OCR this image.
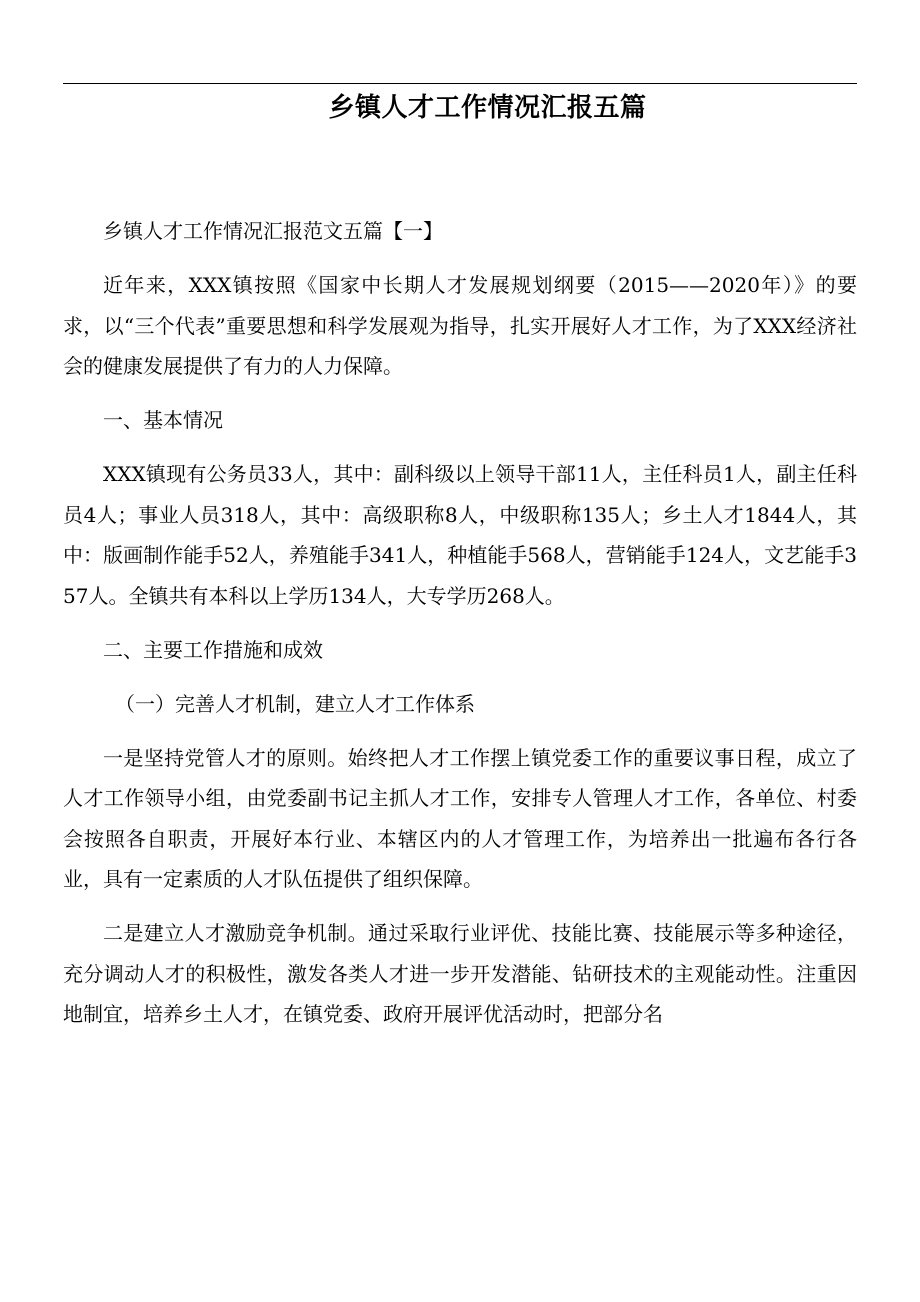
乡镇人才工作情况汇报五篇

乡镇人才工作情况汇报范文五篇【一】

近年来，XXX镇按照《国家中长期人才发展规划纲要（2015——2020年）》的要求，以“三个代表”重要思想和科学发展观为指导，扎实开展好人才工作，为了XXX经济社会的健康发展提供了有力的人力保障。

一、基本情况

XXX镇现有公务员33人，其中：副科级以上领导干部11人，主任科员1人，副主任科员4人；事业人员318人，其中：高级职称8人，中级职称135人；乡土人才1844人，其中：版画制作能手52人，养殖能手341人，种植能手568人，营销能手124人，文艺能手357人。全镇共有本科以上学历134人，大专学历268人。

二、主要工作措施和成效

（一）完善人才机制，建立人才工作体系

一是坚持党管人才的原则。始终把人才工作摆上镇党委工作的重要议事日程，成立了人才工作领导小组，由党委副书记主抓人才工作，安排专人管理人才工作，各单位、村委会按照各自职责，开展好本行业、本辖区内的人才管理工作，为培养出一批遍布各行各业，具有一定素质的人才队伍提供了组织保障。

二是建立人才激励竞争机制。通过采取行业评优、技能比赛、技能展示等多种途径，充分调动人才的积极性，激发各类人才进一步开发潜能、钻研技术的主观能动性。注重因地制宜，培养乡土人才，在镇党委、政府开展评优活动时，把部分名
